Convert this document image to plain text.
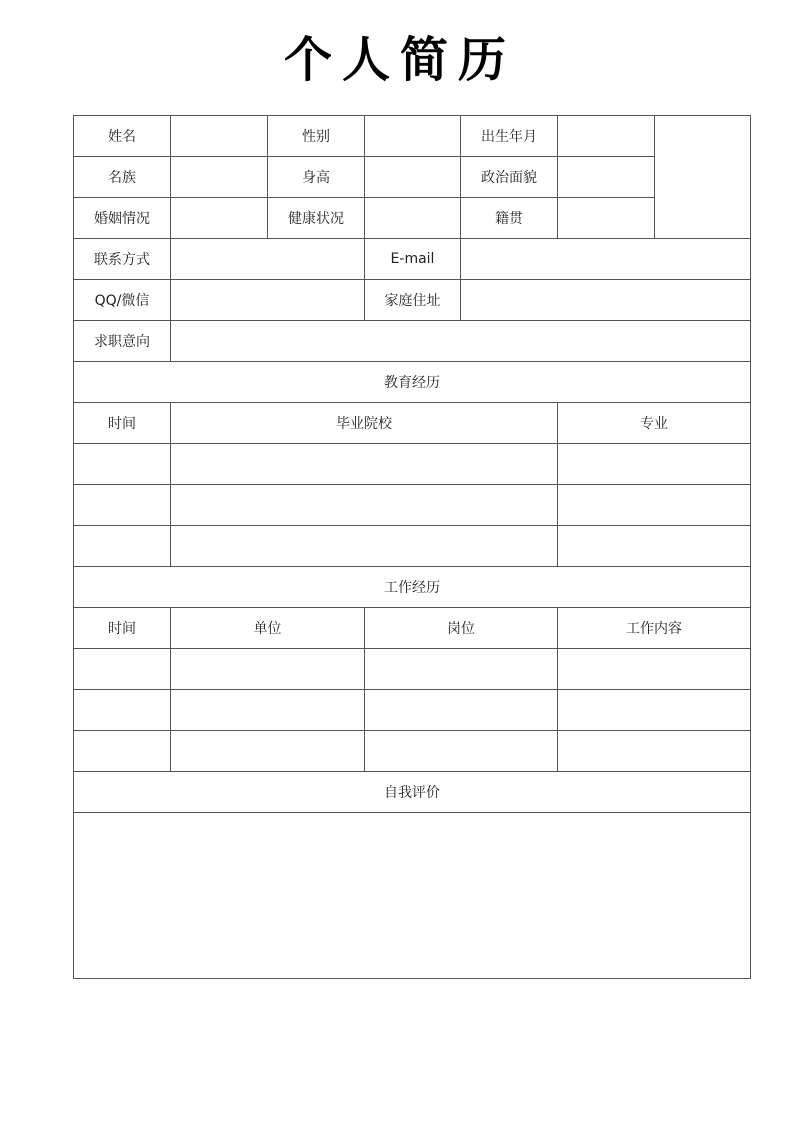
个人简历
姓名		性别		出生年月		
名族		身高		政治面貌		
婚姻情况		健康状况		籍贯		
联系方式			E-mail			
QQ/微信			家庭住址			
求职意向						
教育经历						
时间	毕业院校				专业	

工作经历						
时间	单位		岗位		工作内容	

自我评价						
